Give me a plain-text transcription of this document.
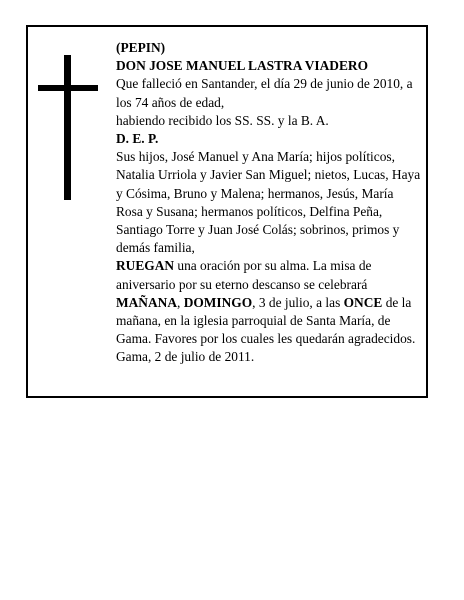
(PEPIN)

DON JOSE MANUEL LASTRA VIADERO

Que falleció en Santander, el día 29 de junio de 2010, a los 74 años de edad,

habiendo recibido los SS. SS. y la B. A.

D. E. P.

Sus hijos, José Manuel y Ana María; hijos políticos, Natalia Urriola y Javier San Miguel; nietos, Lucas, Haya y Cósima, Bruno y Malena; hermanos, Jesús, María Rosa y Susana; hermanos políticos, Delfina Peña, Santiago Torre y Juan José Colás; sobrinos, primos y demás familia,

RUEGAN una oración por su alma. La misa de aniversario por su eterno descanso se celebrará MAÑANA, DOMINGO, 3 de julio, a las ONCE de la mañana, en la iglesia parroquial de Santa María, de Gama. Favores por los cuales les quedarán agradecidos.

Gama, 2 de julio de 2011.
